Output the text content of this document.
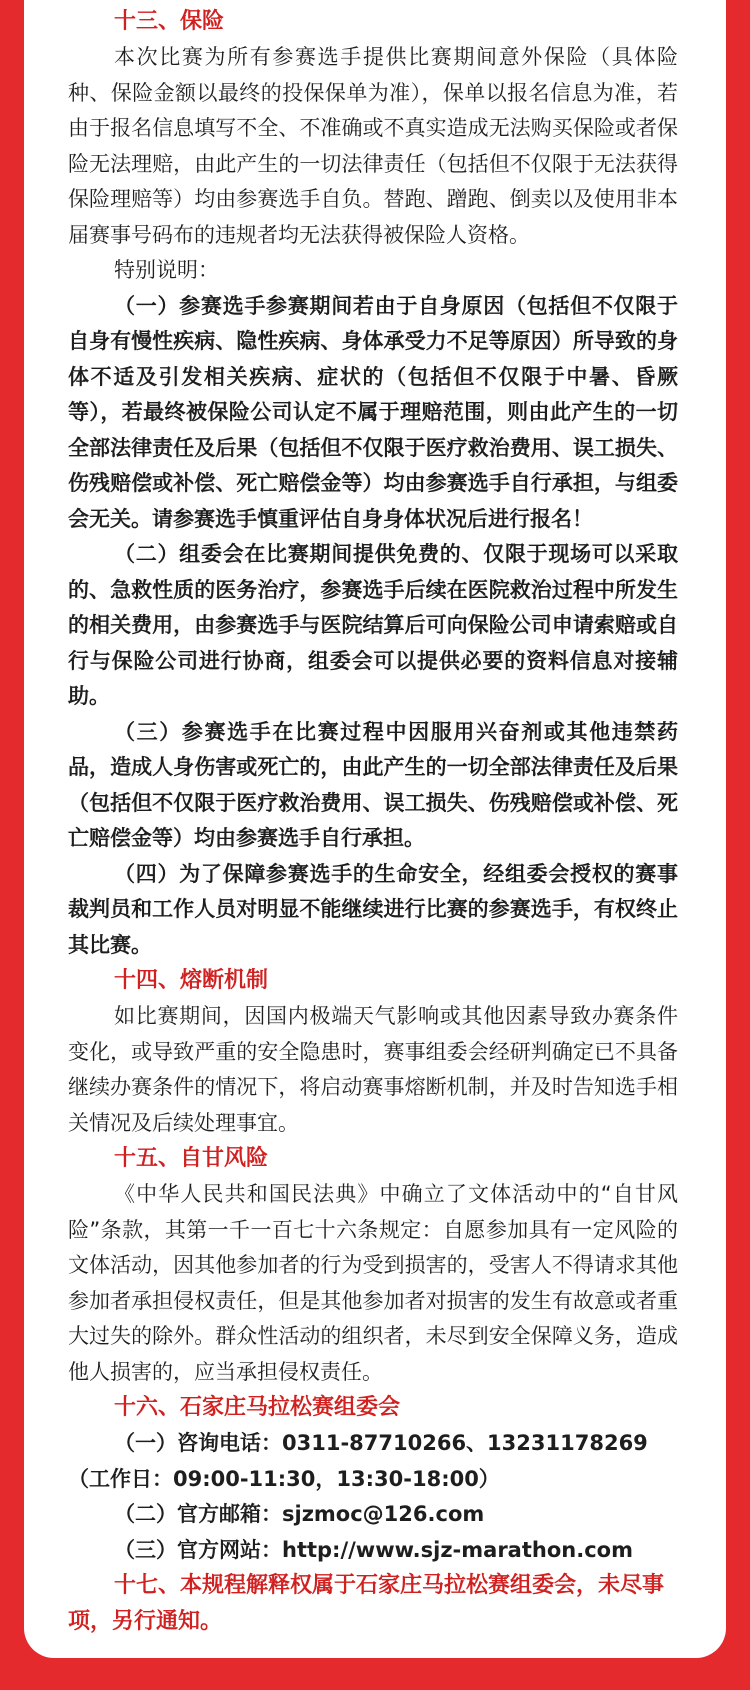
十三、保险

本次比赛为所有参赛选手提供比赛期间意外保险（具体险种、保险金额以最终的投保保单为准），保单以报名信息为准，若由于报名信息填写不全、不准确或不真实造成无法购买保险或者保险无法理赔，由此产生的一切法律责任（包括但不仅限于无法获得保险理赔等）均由参赛选手自负。替跑、蹭跑、倒卖以及使用非本届赛事号码布的违规者均无法获得被保险人资格。

特别说明：

（一）参赛选手参赛期间若由于自身原因（包括但不仅限于自身有慢性疾病、隐性疾病、身体承受力不足等原因）所导致的身体不适及引发相关疾病、症状的（包括但不仅限于中暑、昏厥等），若最终被保险公司认定不属于理赔范围，则由此产生的一切全部法律责任及后果（包括但不仅限于医疗救治费用、误工损失、伤残赔偿或补偿、死亡赔偿金等）均由参赛选手自行承担，与组委会无关。请参赛选手慎重评估自身身体状况后进行报名！

（二）组委会在比赛期间提供免费的、仅限于现场可以采取的、急救性质的医务治疗，参赛选手后续在医院救治过程中所发生的相关费用，由参赛选手与医院结算后可向保险公司申请索赔或自行与保险公司进行协商，组委会可以提供必要的资料信息对接辅助。

（三）参赛选手在比赛过程中因服用兴奋剂或其他违禁药品，造成人身伤害或死亡的，由此产生的一切全部法律责任及后果（包括但不仅限于医疗救治费用、误工损失、伤残赔偿或补偿、死亡赔偿金等）均由参赛选手自行承担。

（四）为了保障参赛选手的生命安全，经组委会授权的赛事裁判员和工作人员对明显不能继续进行比赛的参赛选手，有权终止其比赛。

十四、熔断机制

如比赛期间，因国内极端天气影响或其他因素导致办赛条件变化，或导致严重的安全隐患时，赛事组委会经研判确定已不具备继续办赛条件的情况下，将启动赛事熔断机制，并及时告知选手相关情况及后续处理事宜。

十五、自甘风险

《中华人民共和国民法典》中确立了文体活动中的“自甘风险”条款，其第一千一百七十六条规定：自愿参加具有一定风险的文体活动，因其他参加者的行为受到损害的，受害人不得请求其他参加者承担侵权责任，但是其他参加者对损害的发生有故意或者重大过失的除外。群众性活动的组织者，未尽到安全保障义务，造成他人损害的，应当承担侵权责任。

十六、石家庄马拉松赛组委会

（一）咨询电话：0311-87710266、13231178269（工作日：09:00-11:30，13:30-18:00）

（二）官方邮箱：sjzmoc@126.com

（三）官方网站：http://www.sjz-marathon.com

十七、本规程解释权属于石家庄马拉松赛组委会，未尽事项，另行通知。
